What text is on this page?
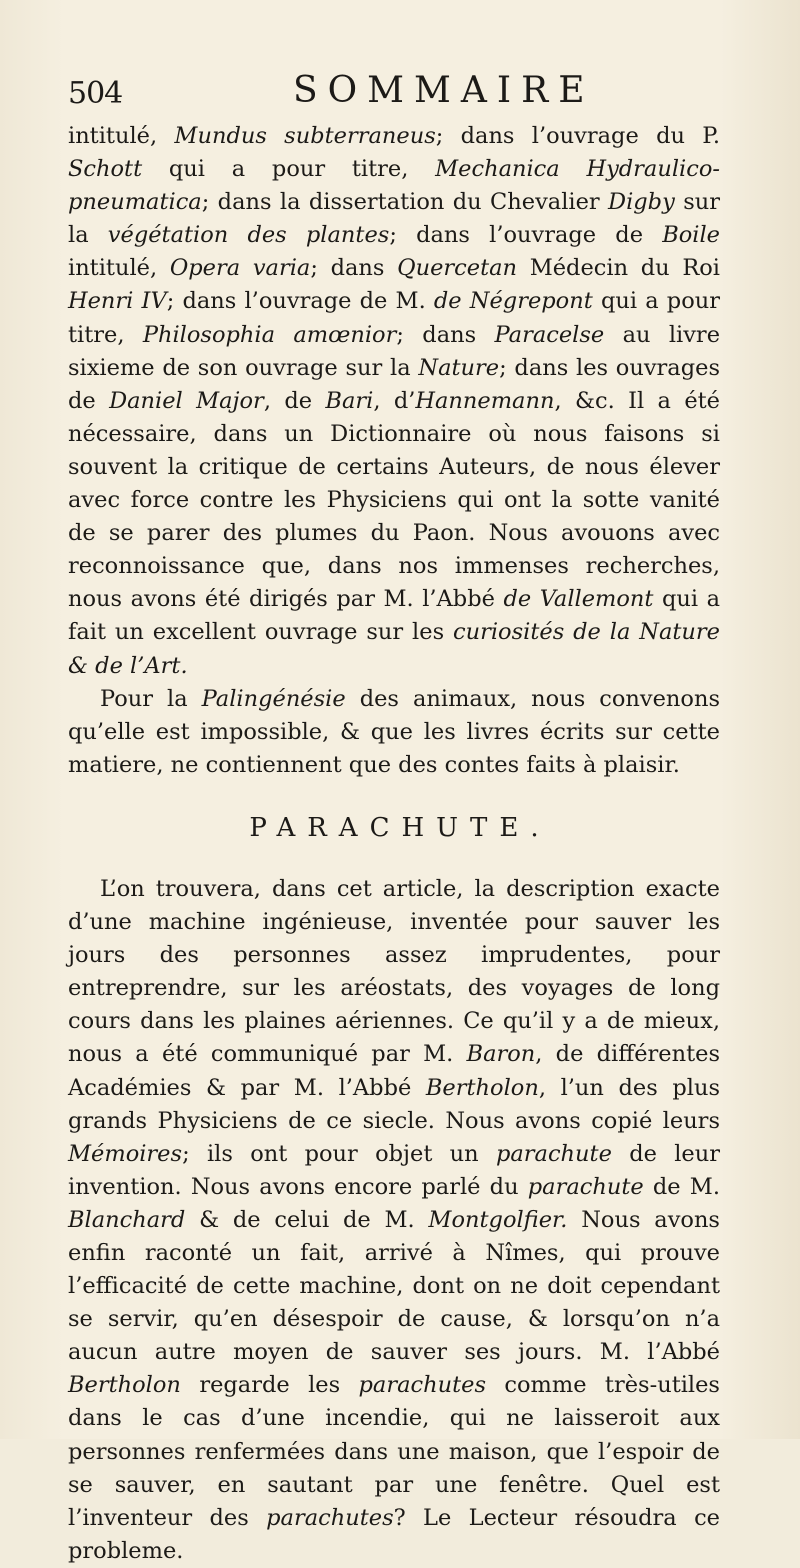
504	SOMMAIRE

intitulé, Mundus subterraneus; dans l’ouvrage du P. Schott qui a pour titre, Mechanica Hydraulico-pneumatica; dans la dissertation du Chevalier Digby sur la végétation des plantes; dans l’ouvrage de Boile intitulé, Opera varia; dans Quercetan Médecin du Roi Henri IV; dans l’ouvrage de M. de Négrepont qui a pour titre, Philosophia amœnior; dans Paracelse au livre sixieme de son ouvrage sur la Nature; dans les ouvrages de Daniel Major, de Bari, d’Hannemann, &c. Il a été nécessaire, dans un Dictionnaire où nous faisons si souvent la critique de certains Auteurs, de nous élever avec force contre les Physiciens qui ont la sotte vanité de se parer des plumes du Paon. Nous avouons avec reconnoissance que, dans nos immenses recherches, nous avons été dirigés par M. l’Abbé de Vallemont qui a fait un excellent ouvrage sur les curiosités de la Nature & de l’Art.

Pour la Palingénésie des animaux, nous convenons qu’elle est impossible, & que les livres écrits sur cette matiere, ne contiennent que des contes faits à plaisir.

PARACHUTE.

L’on trouvera, dans cet article, la description exacte d’une machine ingénieuse, inventée pour sauver les jours des personnes assez imprudentes, pour entreprendre, sur les aréostats, des voyages de long cours dans les plaines aériennes. Ce qu’il y a de mieux, nous a été communiqué par M. Baron, de différentes Académies & par M. l’Abbé Bertholon, l’un des plus grands Physiciens de ce siecle. Nous avons copié leurs Mémoires; ils ont pour objet un parachute de leur invention. Nous avons encore parlé du parachute de M. Blanchard & de celui de M. Montgolfier. Nous avons enfin raconté un fait, arrivé à Nîmes, qui prouve l’efficacité de cette machine, dont on ne doit cependant se servir, qu’en désespoir de cause, & lorsqu’on n’a aucun autre moyen de sauver ses jours. M. l’Abbé Bertholon regarde les parachutes comme très-utiles dans le cas d’une incendie, qui ne laisseroit aux personnes renfermées dans une maison, que l’espoir de se sauver, en sautant par une fenêtre. Quel est l’inventeur des parachutes? Le Lecteur résoudra ce probleme.
